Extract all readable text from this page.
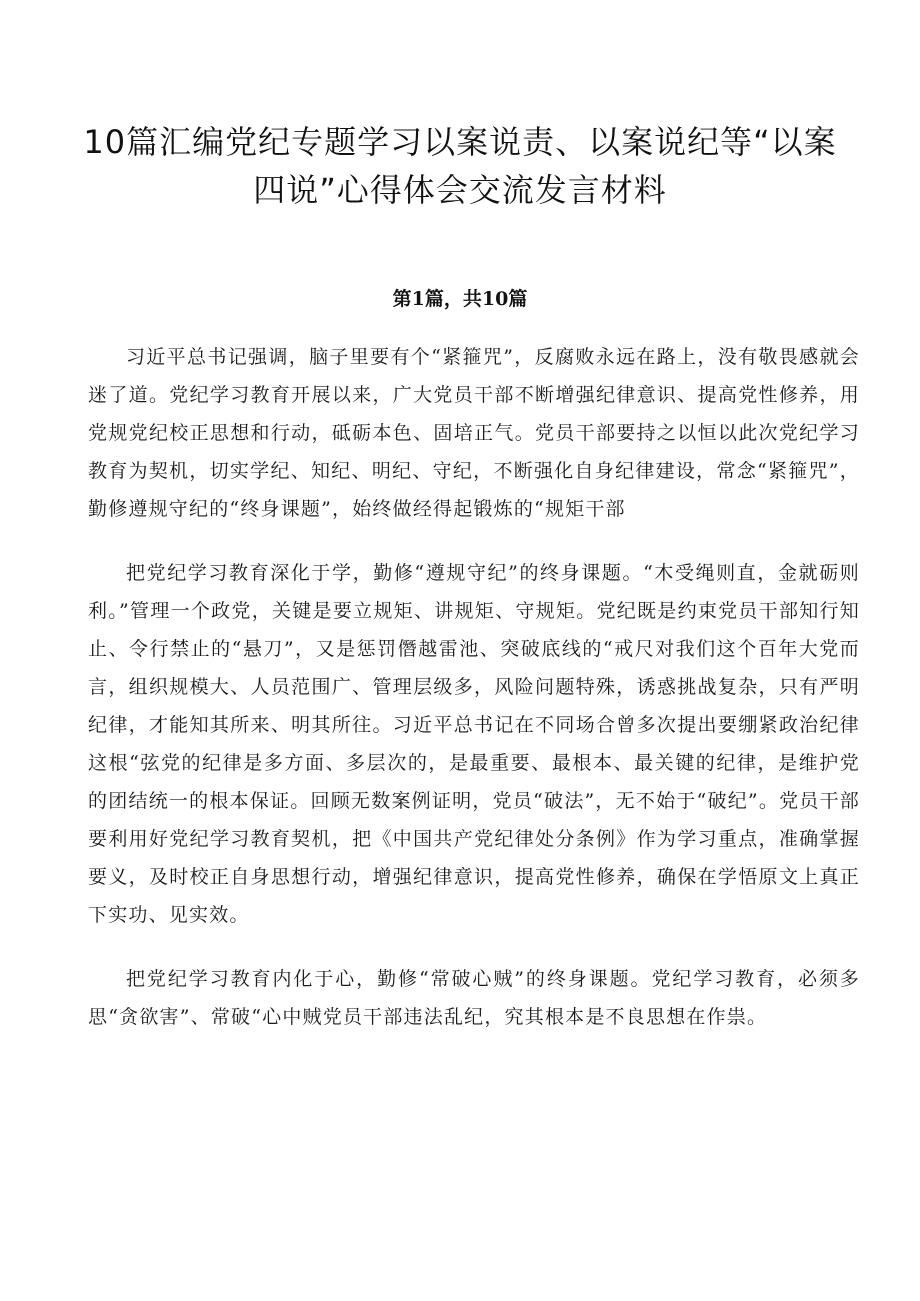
10篇汇编党纪专题学习以案说责、以案说纪等“以案四说”心得体会交流发言材料
第1篇，共10篇

习近平总书记强调，脑子里要有个“紧箍咒”，反腐败永远在路上，没有敬畏感就会迷了道。党纪学习教育开展以来，广大党员干部不断增强纪律意识、提高党性修养，用党规党纪校正思想和行动，砥砺本色、固培正气。党员干部要持之以恒以此次党纪学习教育为契机，切实学纪、知纪、明纪、守纪，不断强化自身纪律建设，常念“紧箍咒”，勤修遵规守纪的“终身课题”，始终做经得起锻炼的“规矩干部

把党纪学习教育深化于学，勤修“遵规守纪”的终身课题。“木受绳则直，金就砺则利。”管理一个政党，关键是要立规矩、讲规矩、守规矩。党纪既是约束党员干部知行知止、令行禁止的“悬刀”，又是惩罚僭越雷池、突破底线的“戒尺对我们这个百年大党而言，组织规模大、人员范围广、管理层级多，风险问题特殊，诱惑挑战复杂，只有严明纪律，才能知其所来、明其所往。习近平总书记在不同场合曾多次提出要绷紧政治纪律这根“弦党的纪律是多方面、多层次的，是最重要、最根本、最关键的纪律，是维护党的团结统一的根本保证。回顾无数案例证明，党员“破法”，无不始于“破纪”。党员干部要利用好党纪学习教育契机，把《中国共产党纪律处分条例》作为学习重点，准确掌握要义，及时校正自身思想行动，增强纪律意识，提高党性修养，确保在学悟原文上真正下实功、见实效。

把党纪学习教育内化于心，勤修“常破心贼”的终身课题。党纪学习教育，必须多思“贪欲害”、常破“心中贼党员干部违法乱纪，究其根本是不良思想在作祟。
